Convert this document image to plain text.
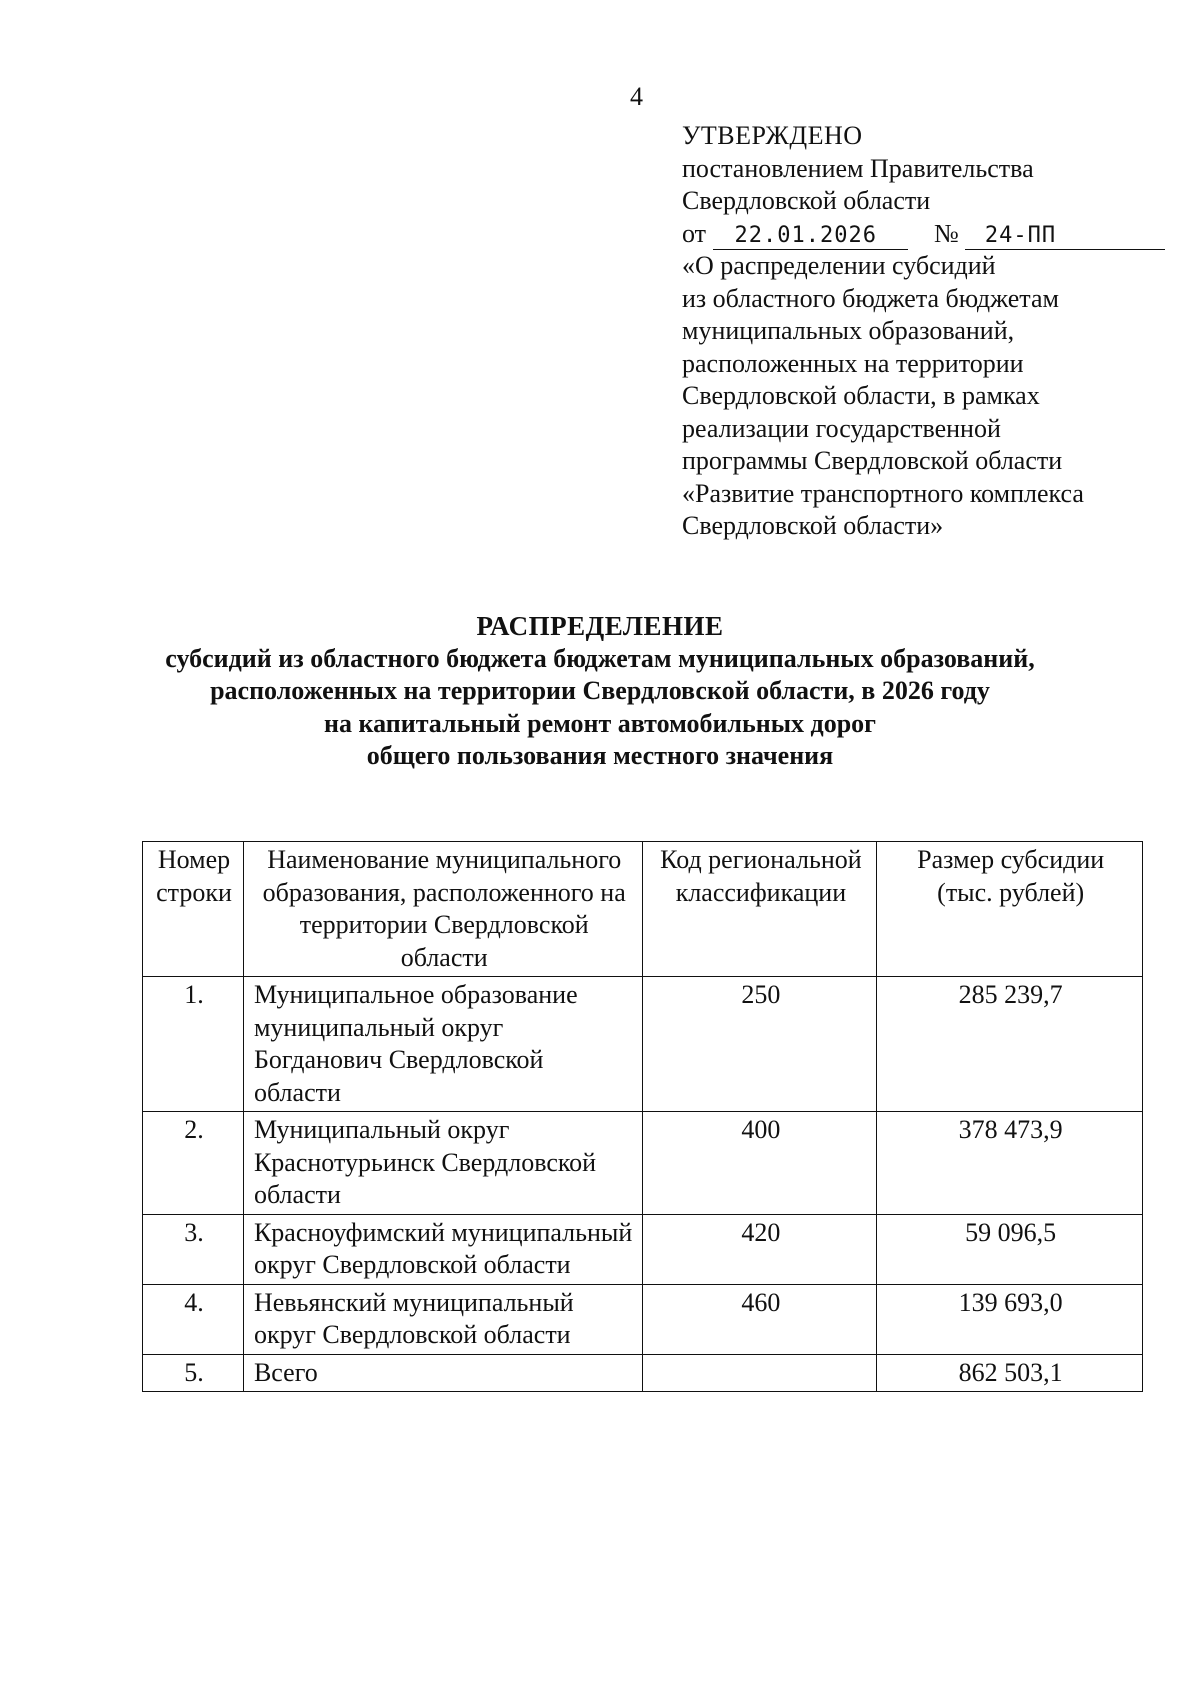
4
УТВЕРЖДЕНО
постановлением Правительства
Свердловской области
от 22.01.2026 № 24-ПП
«О распределении субсидий
из областного бюджета бюджетам
муниципальных образований,
расположенных на территории
Свердловской области, в рамках
реализации государственной
программы Свердловской области
«Развитие транспортного комплекса
Свердловской области»
РАСПРЕДЕЛЕНИЕ
субсидий из областного бюджета бюджетам муниципальных образований,
расположенных на территории Свердловской области, в 2026 году
на капитальный ремонт автомобильных дорог
общего пользования местного значения
Номер строки	Наименование муниципального образования, расположенного на территории Свердловской области	Код региональной классификации	Размер субсидии (тыс. рублей)
1.	Муниципальное образование муниципальный округ Богданович Свердловской области	250	285 239,7
2.	Муниципальный округ Краснотурьинск Свердловской области	400	378 473,9
3.	Красноуфимский муниципальный округ Свердловской области	420	59 096,5
4.	Невьянский муниципальный округ Свердловской области	460	139 693,0
5.	Всего		862 503,1
